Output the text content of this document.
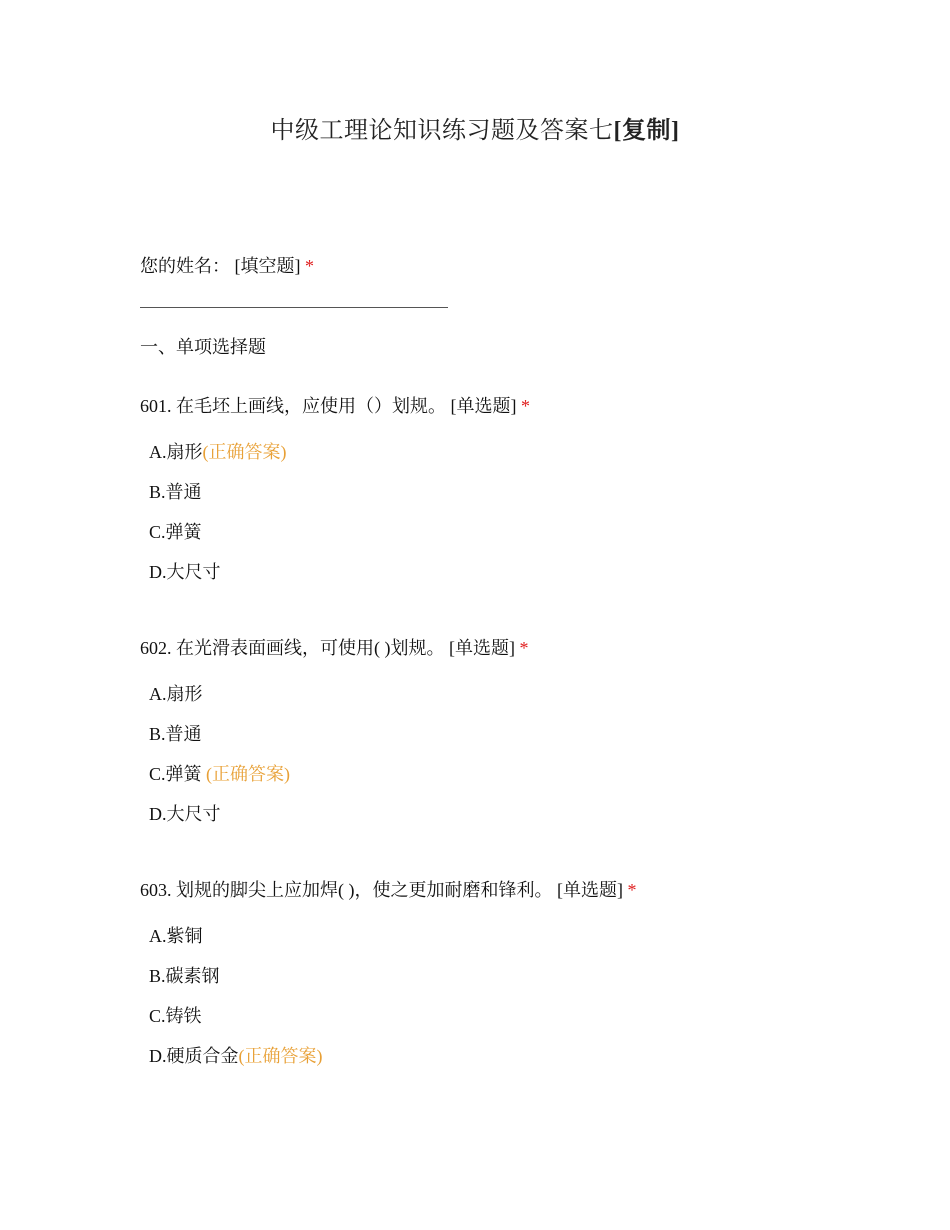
中级工理论知识练习题及答案七[复制]
您的姓名： [填空题] *
一、单项选择题
601. 在毛坯上画线，应使用（）划规。 [单选题] *
A.扇形(正确答案)
B.普通
C.弹簧
D.大尺寸
602. 在光滑表面画线，可使用( )划规。 [单选题] *
A.扇形
B.普通
C.弹簧 (正确答案)
D.大尺寸
603. 划规的脚尖上应加焊( )，使之更加耐磨和锋利。 [单选题] *
A.紫铜
B.碳素钢
C.铸铁
D.硬质合金(正确答案)
